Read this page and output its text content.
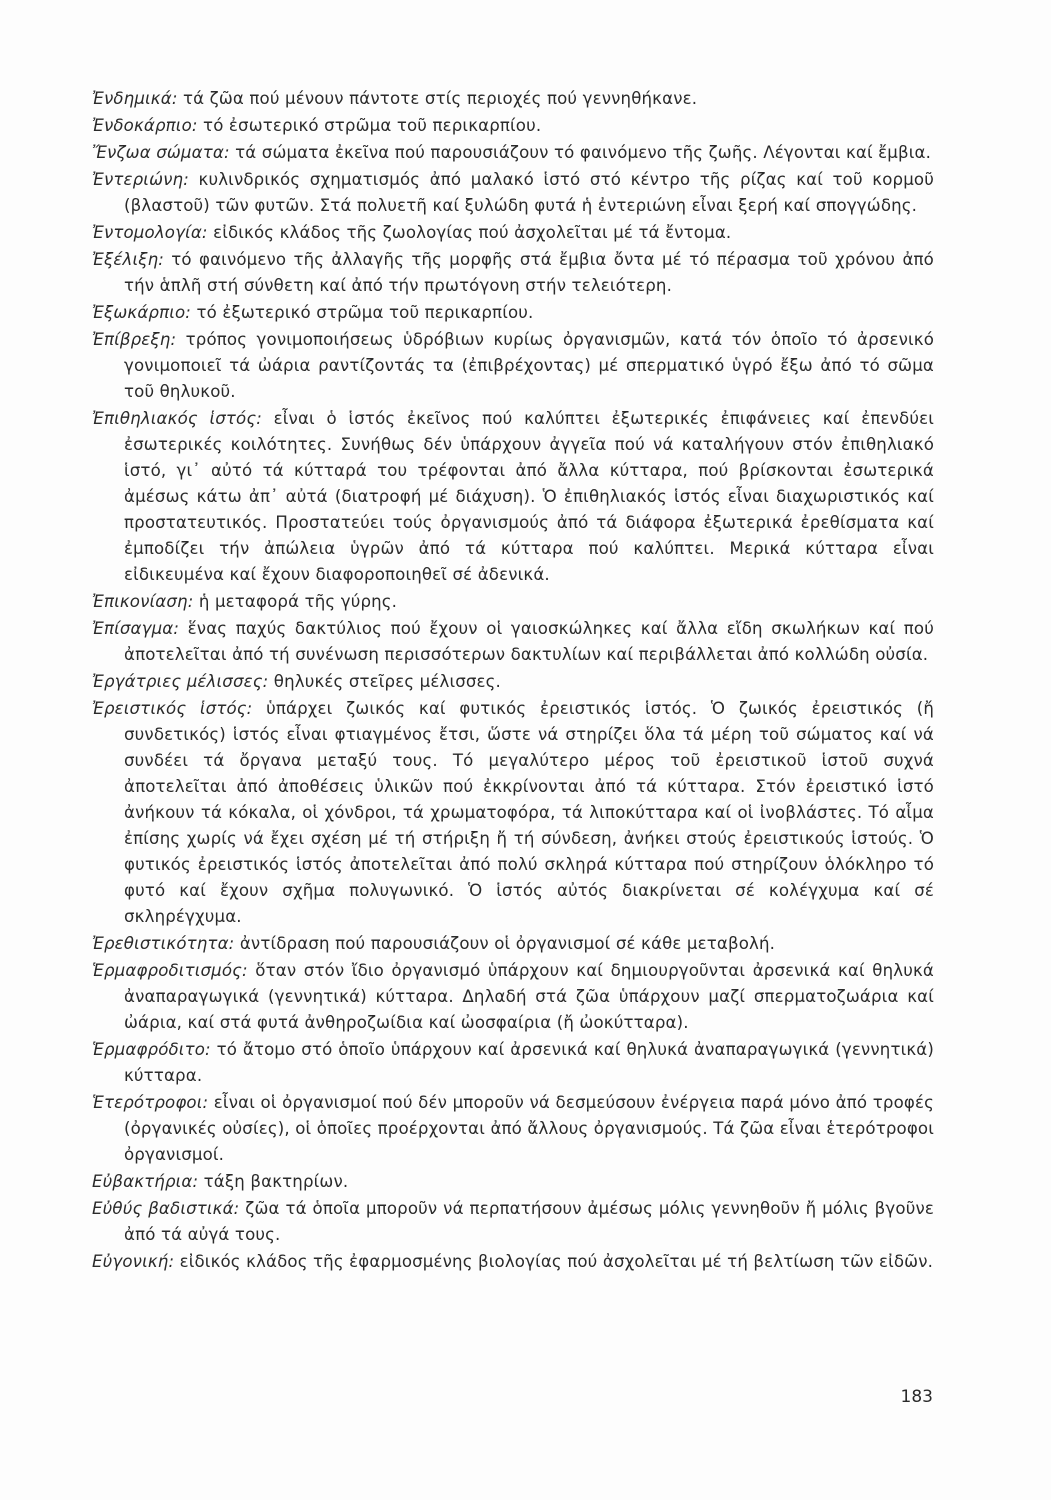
Ἐνδημικά: τά ζῶα πού μένουν πάντοτε στίς περιοχές πού γεννηθήκανε.

Ἐνδοκάρπιο: τό ἐσωτερικό στρῶμα τοῦ περικαρπίου.

Ἔνζωα σώματα: τά σώματα ἐκεῖνα πού παρουσιάζουν τό φαινόμενο τῆς ζωῆς. Λέγονται καί ἔμβια.

Ἐντεριώνη: κυλινδρικός σχηματισμός ἀπό μαλακό ἱστό στό κέντρο τῆς ρίζας καί τοῦ κορμοῦ (βλαστοῦ) τῶν φυτῶν. Στά πολυετῆ καί ξυλώδη φυτά ἡ ἐντεριώνη εἶναι ξερή καί σπογγώδης.

Ἐντομολογία: εἰδικός κλάδος τῆς ζωολογίας πού ἀσχολεῖται μέ τά ἔντομα.

Ἐξέλιξη: τό φαινόμενο τῆς ἀλλαγῆς τῆς μορφῆς στά ἔμβια ὄντα μέ τό πέρασμα τοῦ χρόνου ἀπό τήν ἁπλῆ στή σύνθετη καί ἀπό τήν πρωτόγονη στήν τελειότερη.

Ἐξωκάρπιο: τό ἐξωτερικό στρῶμα τοῦ περικαρπίου.

Ἐπίβρεξη: τρόπος γονιμοποιήσεως ὑδρόβιων κυρίως ὀργανισμῶν, κατά τόν ὁποῖο τό ἀρσενικό γονιμοποιεῖ τά ὠάρια ραντίζοντάς τα (ἐπιβρέχοντας) μέ σπερματικό ὑγρό ἔξω ἀπό τό σῶμα τοῦ θηλυκοῦ.

Ἐπιθηλιακός ἱστός: εἶναι ὁ ἱστός ἐκεῖνος πού καλύπτει ἐξωτερικές ἐπιφάνειες καί ἐπενδύει ἐσωτερικές κοιλότητες. Συνήθως δέν ὑπάρχουν ἀγγεῖα πού νά καταλήγουν στόν ἐπιθηλιακό ἱστό, γι᾿ αὐτό τά κύτταρά του τρέφονται ἀπό ἄλλα κύτταρα, πού βρίσκονται ἐσωτερικά ἀμέσως κάτω ἀπ᾿ αὐτά (διατροφή μέ διάχυση). Ὁ ἐπιθηλιακός ἱστός εἶναι διαχωριστικός καί προστατευτικός. Προστατεύει τούς ὀργανισμούς ἀπό τά διάφορα ἐξωτερικά ἐρεθίσματα καί ἐμποδίζει τήν ἀπώλεια ὑγρῶν ἀπό τά κύτταρα πού καλύπτει. Μερικά κύτταρα εἶναι εἰδικευμένα καί ἔχουν διαφοροποιηθεῖ σέ ἀδενικά.

Ἐπικονίαση: ἡ μεταφορά τῆς γύρης.

Ἐπίσαγμα: ἕνας παχύς δακτύλιος πού ἔχουν οἱ γαιοσκώληκες καί ἄλλα εἴδη σκωλήκων καί πού ἀποτελεῖται ἀπό τή συνένωση περισσότερων δακτυλίων καί περιβάλλεται ἀπό κολλώδη οὐσία.

Ἐργάτριες μέλισσες: θηλυκές στεῖρες μέλισσες.

Ἐρειστικός ἱστός: ὑπάρχει ζωικός καί φυτικός ἐρειστικός ἱστός. Ὁ ζωικός ἐρειστικός (ἤ συνδετικός) ἱστός εἶναι φτιαγμένος ἔτσι, ὥστε νά στηρίζει ὅλα τά μέρη τοῦ σώματος καί νά συνδέει τά ὄργανα μεταξύ τους. Τό μεγαλύτερο μέρος τοῦ ἐρειστικοῦ ἱστοῦ συχνά ἀποτελεῖται ἀπό ἀποθέσεις ὑλικῶν πού ἐκκρίνονται ἀπό τά κύτταρα. Στόν ἐρειστικό ἱστό ἀνήκουν τά κόκαλα, οἱ χόνδροι, τά χρωματοφόρα, τά λιποκύτταρα καί οἱ ἰνοβλάστες. Τό αἷμα ἐπίσης χωρίς νά ἔχει σχέση μέ τή στήριξη ἤ τή σύνδεση, ἀνήκει στούς ἐρειστικούς ἱστούς. Ὁ φυτικός ἐρειστικός ἱστός ἀποτελεῖται ἀπό πολύ σκληρά κύτταρα πού στηρίζουν ὁλόκληρο τό φυτό καί ἔχουν σχῆμα πολυγωνικό. Ὁ ἱστός αὐτός διακρίνεται σέ κολέγχυμα καί σέ σκληρέγχυμα.

Ἐρεθιστικότητα: ἀντίδραση πού παρουσιάζουν οἱ ὀργανισμοί σέ κάθε μεταβολή.

Ἑρμαφροδιτισμός: ὅταν στόν ἴδιο ὀργανισμό ὑπάρχουν καί δημιουργοῦνται ἀρσενικά καί θηλυκά ἀναπαραγωγικά (γεννητικά) κύτταρα. Δηλαδή στά ζῶα ὑπάρχουν μαζί σπερματοζωάρια καί ὠάρια, καί στά φυτά ἀνθηροζωίδια καί ὠοσφαίρια (ἤ ὠοκύτταρα).

Ἑρμαφρόδιτο: τό ἄτομο στό ὁποῖο ὑπάρχουν καί ἀρσενικά καί θηλυκά ἀναπαραγωγικά (γεννητικά) κύτταρα.

Ἑτερότροφοι: εἶναι οἱ ὀργανισμοί πού δέν μποροῦν νά δεσμεύσουν ἐνέργεια παρά μόνο ἀπό τροφές (ὀργανικές οὐσίες), οἱ ὁποῖες προέρχονται ἀπό ἄλλους ὀργανισμούς. Τά ζῶα εἶναι ἑτερότροφοι ὀργανισμοί.

Εὐβακτήρια: τάξη βακτηρίων.

Εὐθύς βαδιστικά: ζῶα τά ὁποῖα μποροῦν νά περπατήσουν ἀμέσως μόλις γεννηθοῦν ἤ μόλις βγοῦνε ἀπό τά αὐγά τους.

Εὐγονική: εἰδικός κλάδος τῆς ἐφαρμοσμένης βιολογίας πού ἀσχολεῖται μέ τή βελτίωση τῶν εἰδῶν.

183
